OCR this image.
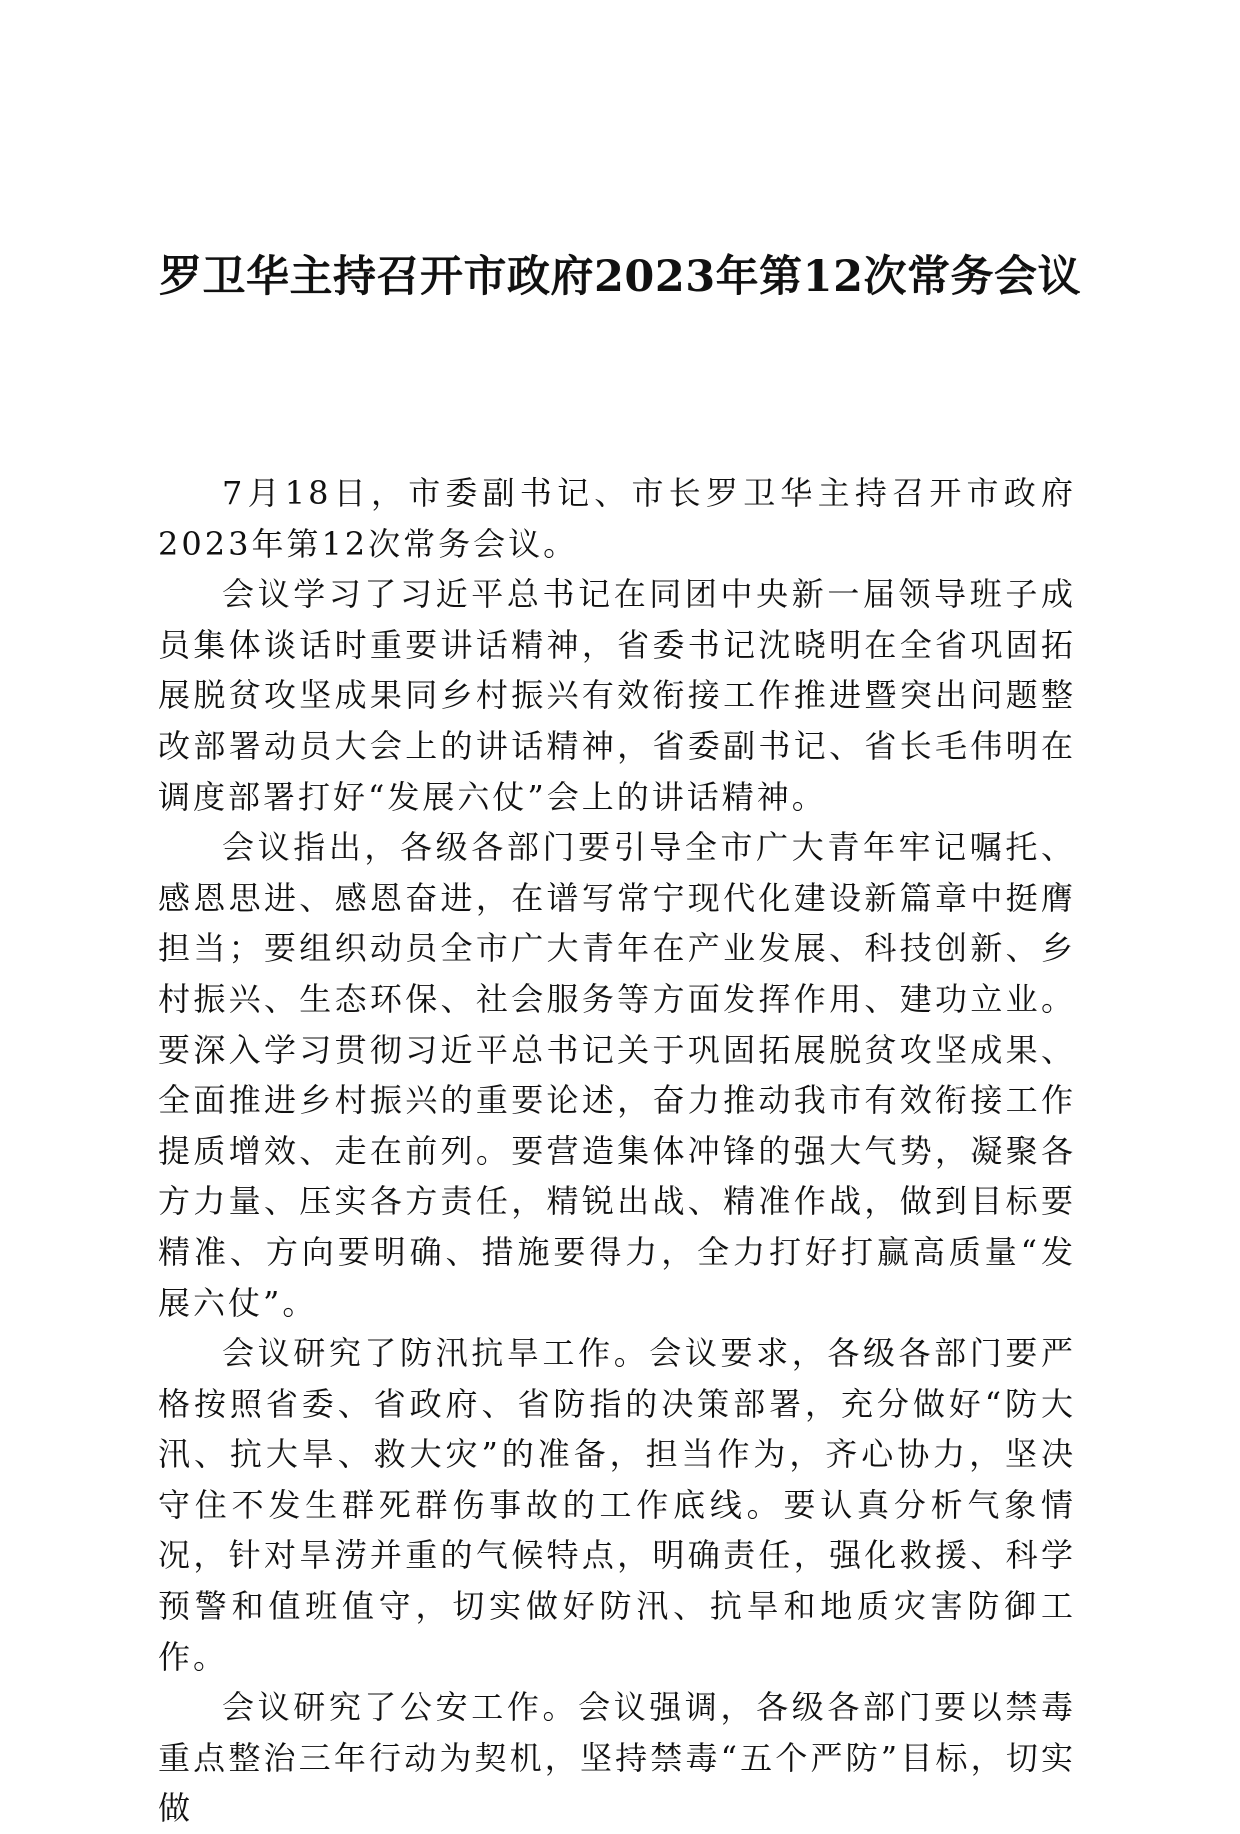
罗卫华主持召开市政府2023年第12次常务会议

7月18日，市委副书记、市长罗卫华主持召开市政府2023年第12次常务会议。

会议学习了习近平总书记在同团中央新一届领导班子成员集体谈话时重要讲话精神，省委书记沈晓明在全省巩固拓展脱贫攻坚成果同乡村振兴有效衔接工作推进暨突出问题整改部署动员大会上的讲话精神，省委副书记、省长毛伟明在调度部署打好“发展六仗”会上的讲话精神。

会议指出，各级各部门要引导全市广大青年牢记嘱托、感恩思进、感恩奋进，在谱写常宁现代化建设新篇章中挺膺担当；要组织动员全市广大青年在产业发展、科技创新、乡村振兴、生态环保、社会服务等方面发挥作用、建功立业。要深入学习贯彻习近平总书记关于巩固拓展脱贫攻坚成果、全面推进乡村振兴的重要论述，奋力推动我市有效衔接工作提质增效、走在前列。要营造集体冲锋的强大气势，凝聚各方力量、压实各方责任，精锐出战、精准作战，做到目标要精准、方向要明确、措施要得力，全力打好打赢高质量“发展六仗”。

会议研究了防汛抗旱工作。会议要求，各级各部门要严格按照省委、省政府、省防指的决策部署，充分做好“防大汛、抗大旱、救大灾”的准备，担当作为，齐心协力，坚决守住不发生群死群伤事故的工作底线。要认真分析气象情况，针对旱涝并重的气候特点，明确责任，强化救援、科学预警和值班值守，切实做好防汛、抗旱和地质灾害防御工作。

会议研究了公安工作。会议强调，各级各部门要以禁毒重点整治三年行动为契机，坚持禁毒“五个严防”目标，切实做
